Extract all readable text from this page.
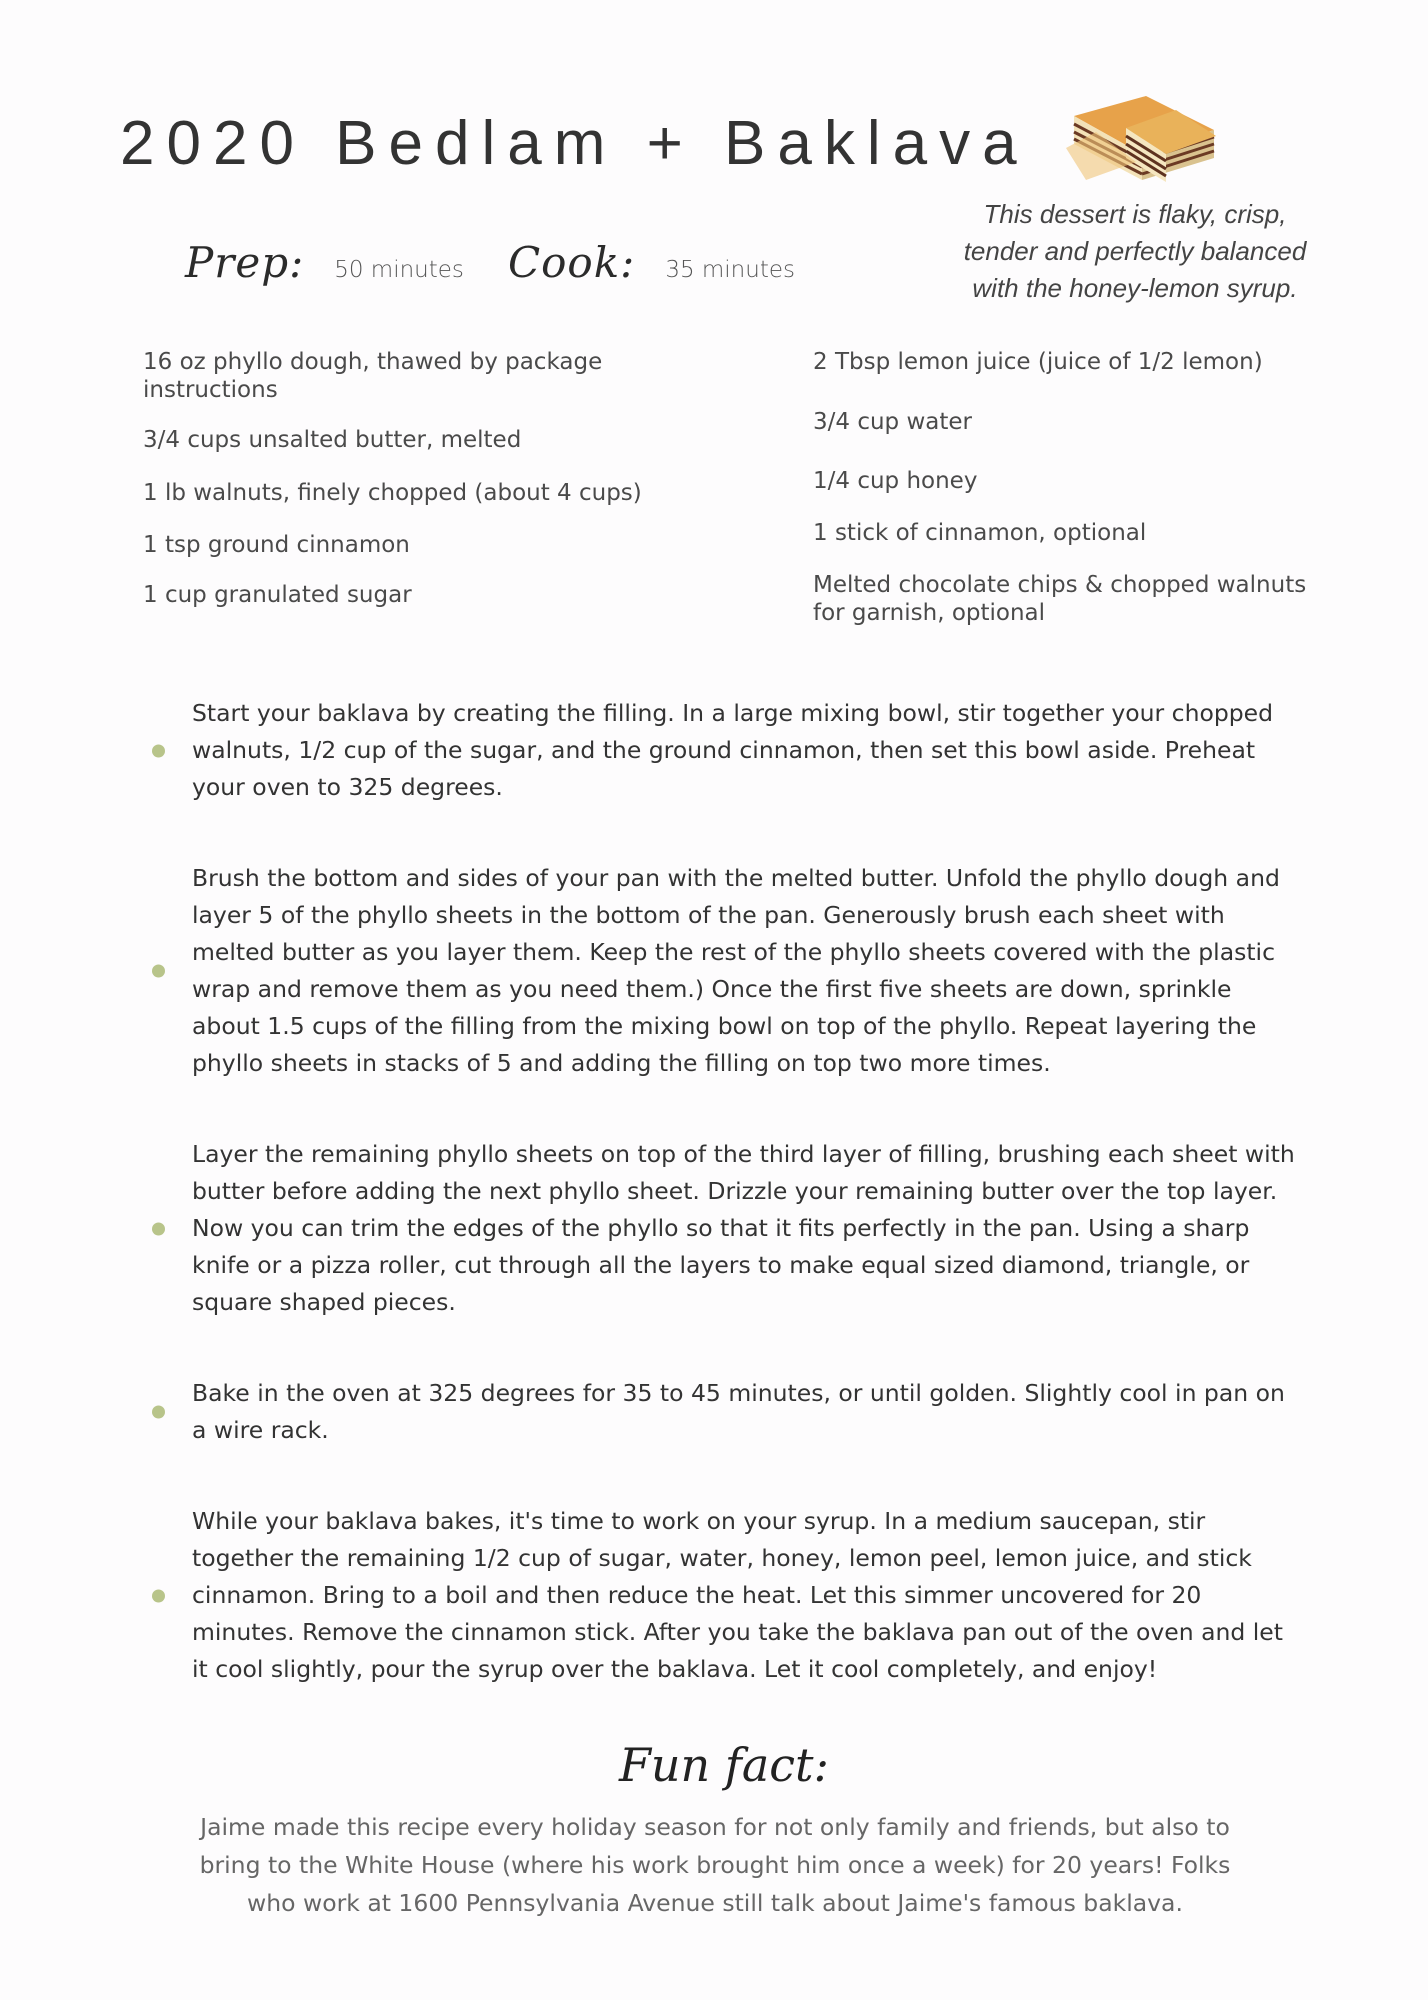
2020 Bedlam + Baklava
This dessert is flaky, crisp, tender and perfectly balanced with the honey-lemon syrup.
Prep: 50 minutes Cook: 35 minutes
16 oz phyllo dough, thawed by package instructions
3/4 cups unsalted butter, melted
1 lb walnuts, finely chopped (about 4 cups)
1 tsp ground cinnamon
1 cup granulated sugar
2 Tbsp lemon juice (juice of 1/2 lemon)
3/4 cup water
1/4 cup honey
1 stick of cinnamon, optional
Melted chocolate chips & chopped walnuts for garnish, optional
Start your baklava by creating the filling. In a large mixing bowl, stir together your chopped walnuts, 1/2 cup of the sugar, and the ground cinnamon, then set this bowl aside. Preheat your oven to 325 degrees.
Brush the bottom and sides of your pan with the melted butter. Unfold the phyllo dough and layer 5 of the phyllo sheets in the bottom of the pan. Generously brush each sheet with melted butter as you layer them. Keep the rest of the phyllo sheets covered with the plastic wrap and remove them as you need them.) Once the first five sheets are down, sprinkle about 1.5 cups of the filling from the mixing bowl on top of the phyllo. Repeat layering the phyllo sheets in stacks of 5 and adding the filling on top two more times.
Layer the remaining phyllo sheets on top of the third layer of filling, brushing each sheet with butter before adding the next phyllo sheet. Drizzle your remaining butter over the top layer. Now you can trim the edges of the phyllo so that it fits perfectly in the pan. Using a sharp knife or a pizza roller, cut through all the layers to make equal sized diamond, triangle, or square shaped pieces.
Bake in the oven at 325 degrees for 35 to 45 minutes, or until golden. Slightly cool in pan on a wire rack.
While your baklava bakes, it's time to work on your syrup. In a medium saucepan, stir together the remaining 1/2 cup of sugar, water, honey, lemon peel, lemon juice, and stick cinnamon. Bring to a boil and then reduce the heat. Let this simmer uncovered for 20 minutes. Remove the cinnamon stick. After you take the baklava pan out of the oven and let it cool slightly, pour the syrup over the baklava. Let it cool completely, and enjoy!
Fun fact:
Jaime made this recipe every holiday season for not only family and friends, but also to bring to the White House (where his work brought him once a week) for 20 years! Folks who work at 1600 Pennsylvania Avenue still talk about Jaime's famous baklava.
